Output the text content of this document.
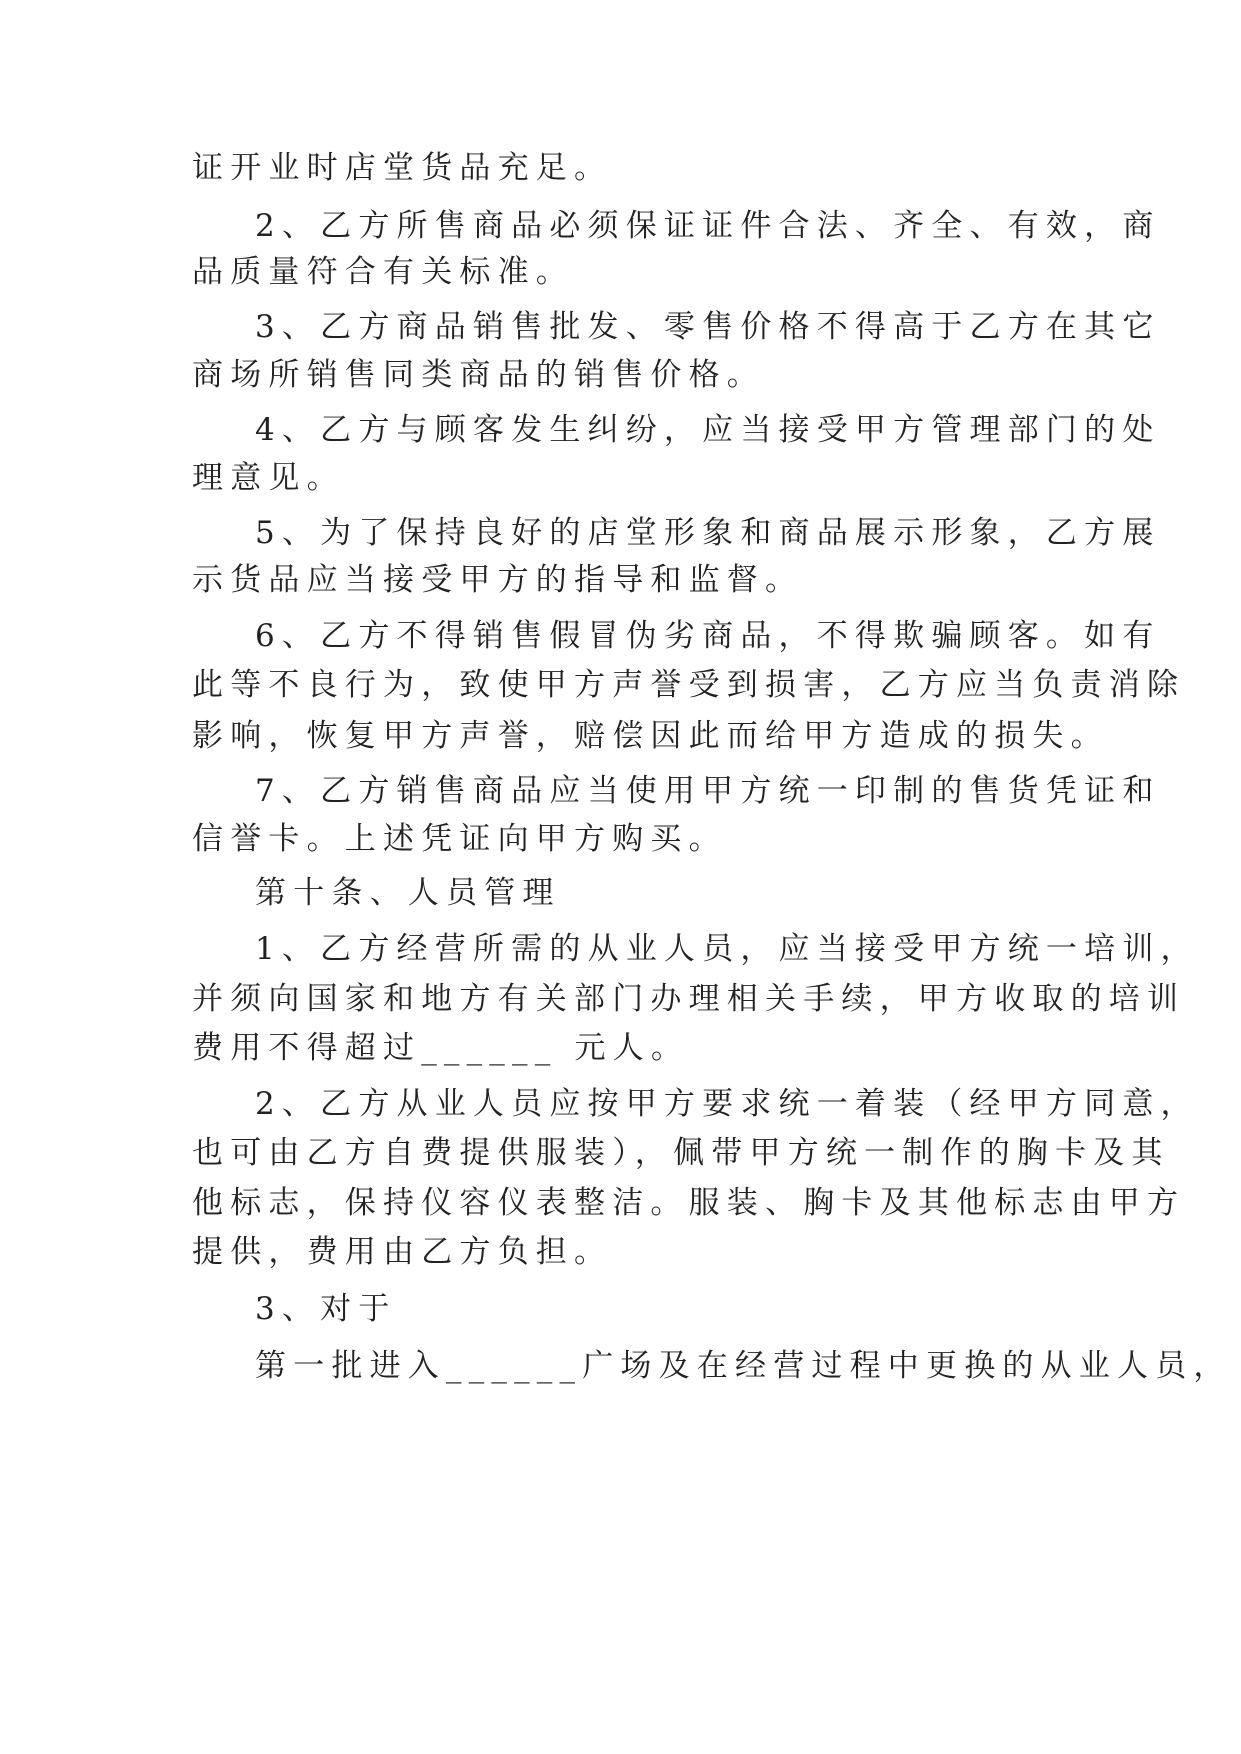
证开业时店堂货品充足。
2、乙方所售商品必须保证证件合法、齐全、有效，商
品质量符合有关标准。
3、乙方商品销售批发、零售价格不得高于乙方在其它
商场所销售同类商品的销售价格。
4、乙方与顾客发生纠纷，应当接受甲方管理部门的处
理意见。
5、为了保持良好的店堂形象和商品展示形象，乙方展
示货品应当接受甲方的指导和监督。
6、乙方不得销售假冒伪劣商品，不得欺骗顾客。如有
此等不良行为，致使甲方声誉受到损害，乙方应当负责消除
影响，恢复甲方声誉，赔偿因此而给甲方造成的损失。
7、乙方销售商品应当使用甲方统一印制的售货凭证和
信誉卡。上述凭证向甲方购买。
第十条、人员管理
1、乙方经营所需的从业人员，应当接受甲方统一培训，
并须向国家和地方有关部门办理相关手续，甲方收取的培训
费用不得超过______ 元人。
2、乙方从业人员应按甲方要求统一着装（经甲方同意，
也可由乙方自费提供服装），佩带甲方统一制作的胸卡及其
他标志，保持仪容仪表整洁。服装、胸卡及其他标志由甲方
提供，费用由乙方负担。
3、对于
第一批进入______广场及在经营过程中更换的从业人员，
